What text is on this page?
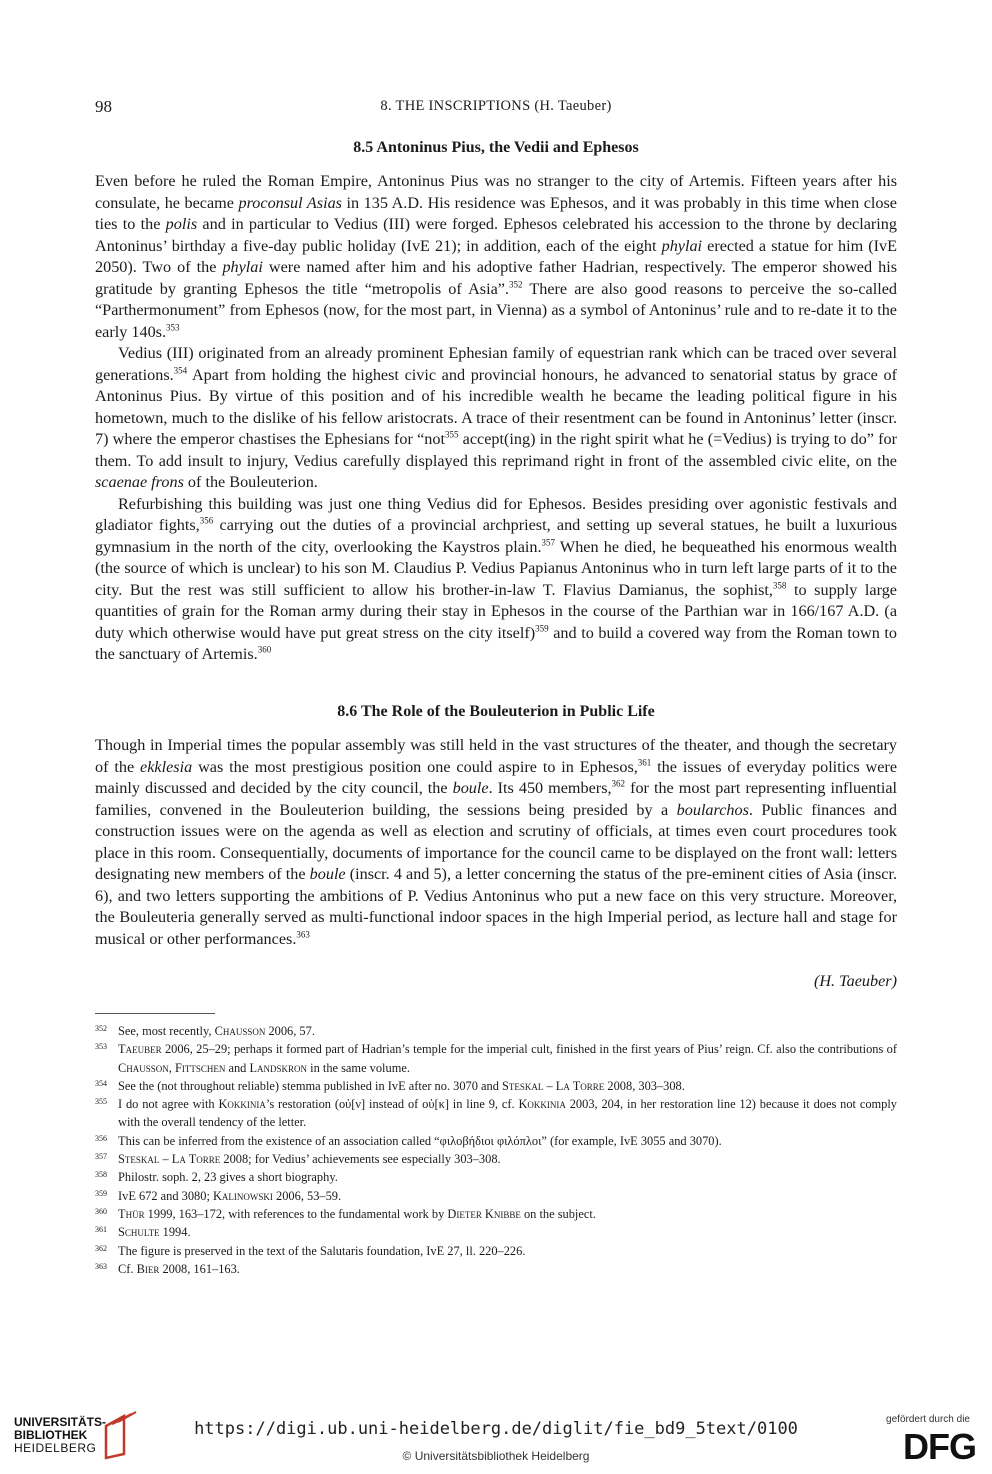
98	8. THE INSCRIPTIONS (H. Taeuber)
8.5 Antoninus Pius, the Vedii and Ephesos

Even before he ruled the Roman Empire, Antoninus Pius was no stranger to the city of Artemis. Fifteen years after his consulate, he became proconsul Asias in 135 A.D. His residence was Ephesos, and it was probably in this time when close ties to the polis and in particular to Vedius (III) were forged. Ephesos celebrated his accession to the throne by declaring Antoninus’ birthday a five-day public holiday (IvE 21); in addition, each of the eight phylai erected a statue for him (IvE 2050). Two of the phylai were named after him and his adoptive father Hadrian, respectively. The emperor showed his gratitude by granting Ephesos the title “metropolis of Asia”.$^{352}$ There are also good reasons to perceive the so-called “Parthermonument” from Ephesos (now, for the most part, in Vienna) as a symbol of Antoninus’ rule and to re-date it to the early 140s.$^{353}$

Vedius (III) originated from an already prominent Ephesian family of equestrian rank which can be traced over several generations.$^{354}$ Apart from holding the highest civic and provincial honours, he advanced to senatorial status by grace of Antoninus Pius. By virtue of this position and of his incredible wealth he became the leading political figure in his hometown, much to the dislike of his fellow aristocrats. A trace of their resentment can be found in Antoninus’ letter (inscr. 7) where the emperor chastises the Ephesians for “not$^{355}$ accept(ing) in the right spirit what he (=Vedius) is trying to do” for them. To add insult to injury, Vedius carefully displayed this reprimand right in front of the assembled civic elite, on the scaenae frons of the Bouleuterion.

Refurbishing this building was just one thing Vedius did for Ephesos. Besides presiding over agonistic festivals and gladiator fights,$^{356}$ carrying out the duties of a provincial archpriest, and setting up several statues, he built a luxurious gymnasium in the north of the city, overlooking the Kaystros plain.$^{357}$ When he died, he bequeathed his enormous wealth (the source of which is unclear) to his son M. Claudius P. Vedius Papianus Antoninus who in turn left large parts of it to the city. But the rest was still sufficient to allow his brother-in-law T. Flavius Damianus, the sophist,$^{358}$ to supply large quantities of grain for the Roman army during their stay in Ephesos in the course of the Parthian war in 166/167 A.D. (a duty which otherwise would have put great stress on the city itself)$^{359}$ and to build a covered way from the Roman town to the sanctuary of Artemis.$^{360}$

8.6 The Role of the Bouleuterion in Public Life

Though in Imperial times the popular assembly was still held in the vast structures of the theater, and though the secretary of the ekklesia was the most prestigious position one could aspire to in Ephesos,$^{361}$ the issues of everyday politics were mainly discussed and decided by the city council, the boule. Its 450 members,$^{362}$ for the most part representing influential families, convened in the Bouleuterion building, the sessions being presided by a boularchos. Public finances and construction issues were on the agenda as well as election and scrutiny of officials, at times even court procedures took place in this room. Consequentially, documents of importance for the council came to be displayed on the front wall: letters designating new members of the boule (inscr. 4 and 5), a letter concerning the status of the pre-eminent cities of Asia (inscr. 6), and two letters supporting the ambitions of P. Vedius Antoninus who put a new face on this very structure. Moreover, the Bouleuteria generally served as multi-functional indoor spaces in the high Imperial period, as lecture hall and stage for musical or other performances.$^{363}$

(H. Taeuber)
352 See, most recently, Chausson 2006, 57.
353 Taeuber 2006, 25–29; perhaps it formed part of Hadrian’s temple for the imperial cult, finished in the first years of Pius’ reign. Cf. also the contributions of Chausson, Fittschen and Landskron in the same volume.
354 See the (not throughout reliable) stemma published in IvE after no. 3070 and Steskal – La Torre 2008, 303–308.
355 I do not agree with Kokkinia’s restoration (οὐ[ν] instead of οὐ[κ] in line 9, cf. Kokkinia 2003, 204, in her restoration line 12) because it does not comply with the overall tendency of the letter.
356 This can be inferred from the existence of an association called “φιλοβήδιοι φιλόπλοι” (for example, IvE 3055 and 3070).
357 Steskal – La Torre 2008; for Vedius’ achievements see especially 303–308.
358 Philostr. soph. 2, 23 gives a short biography.
359 IvE 672 and 3080; Kalinowski 2006, 53–59.
360 Thür 1999, 163–172, with references to the fundamental work by Dieter Knibbe on the subject.
361 Schulte 1994.
362 The figure is preserved in the text of the Salutaris foundation, IvE 27, ll. 220–226.
363 Cf. Bier 2008, 161–163.
UNIVERSITÄTS-
BIBLIOTHEK
HEIDELBERG
https://digi.ub.uni-heidelberg.de/diglit/fie_bd9_5text/0100
© Universitätsbibliothek Heidelberg
gefördert durch die
DFG
